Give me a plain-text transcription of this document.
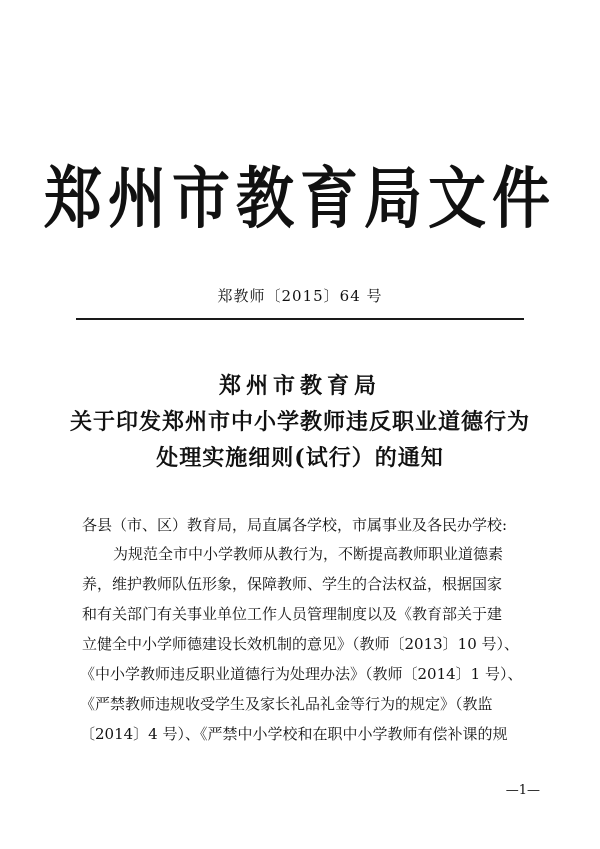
郑州市教育局文件
郑教师〔2015〕64 号
郑州市教育局
关于印发郑州市中小学教师违反职业道德行为
处理实施细则(试行）的通知
各县（市、区）教育局，局直属各学校，市属事业及各民办学校:
为规范全市中小学教师从教行为，不断提高教师职业道德素
养，维护教师队伍形象，保障教师、学生的合法权益，根据国家
和有关部门有关事业单位工作人员管理制度以及《教育部关于建
立健全中小学师德建设长效机制的意见》（教师〔2013〕10 号）、
《中小学教师违反职业道德行为处理办法》（教师〔2014〕1 号）、
《严禁教师违规收受学生及家长礼品礼金等行为的规定》（教监
〔2014〕4 号）、《严禁中小学校和在职中小学教师有偿补课的规
—1—
